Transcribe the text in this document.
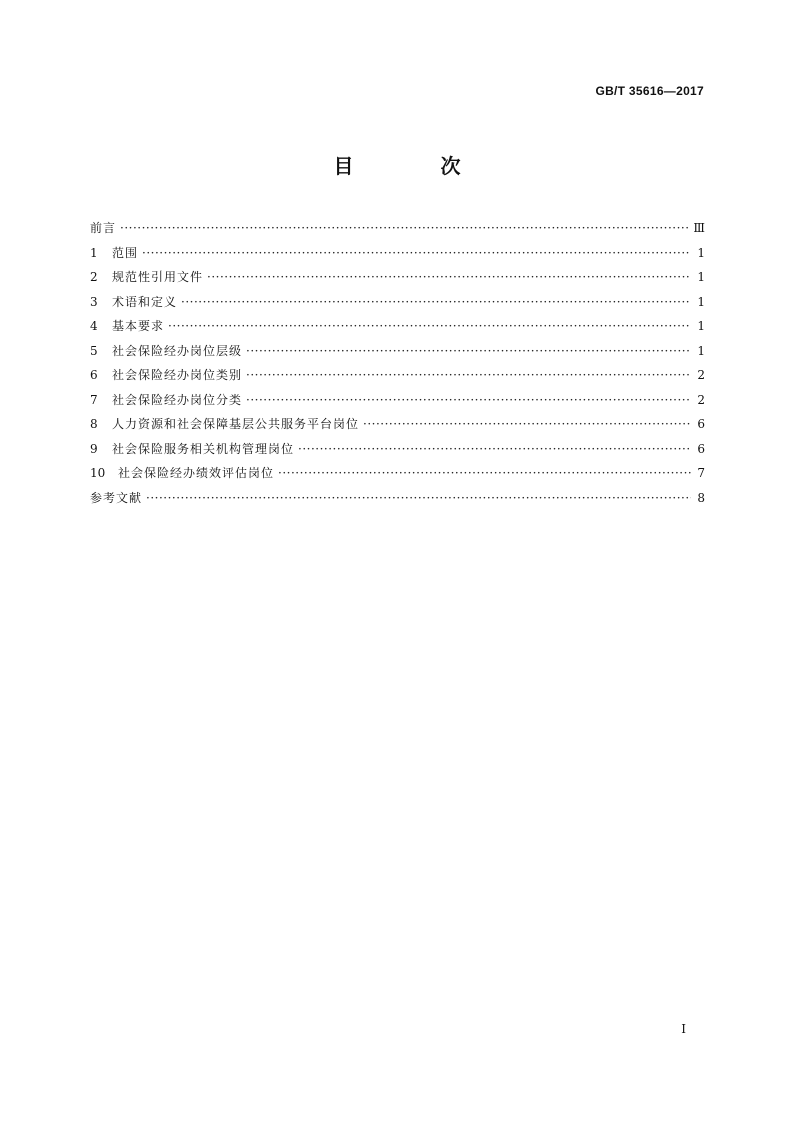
GB/T 35616—2017
目 次
前言 ·····	Ⅲ
1	范围 ·····	1
2	规范性引用文件 ·····	1
3	术语和定义 ·····	1
4	基本要求 ·····	1
5	社会保险经办岗位层级 ·····	1
6	社会保险经办岗位类别 ·····	2
7	社会保险经办岗位分类 ·····	2
8	人力资源和社会保障基层公共服务平台岗位 ·····	6
9	社会保险服务相关机构管理岗位 ·····	6
10	社会保险经办绩效评估岗位 ·····	7
参考文献 ·····	8
I
